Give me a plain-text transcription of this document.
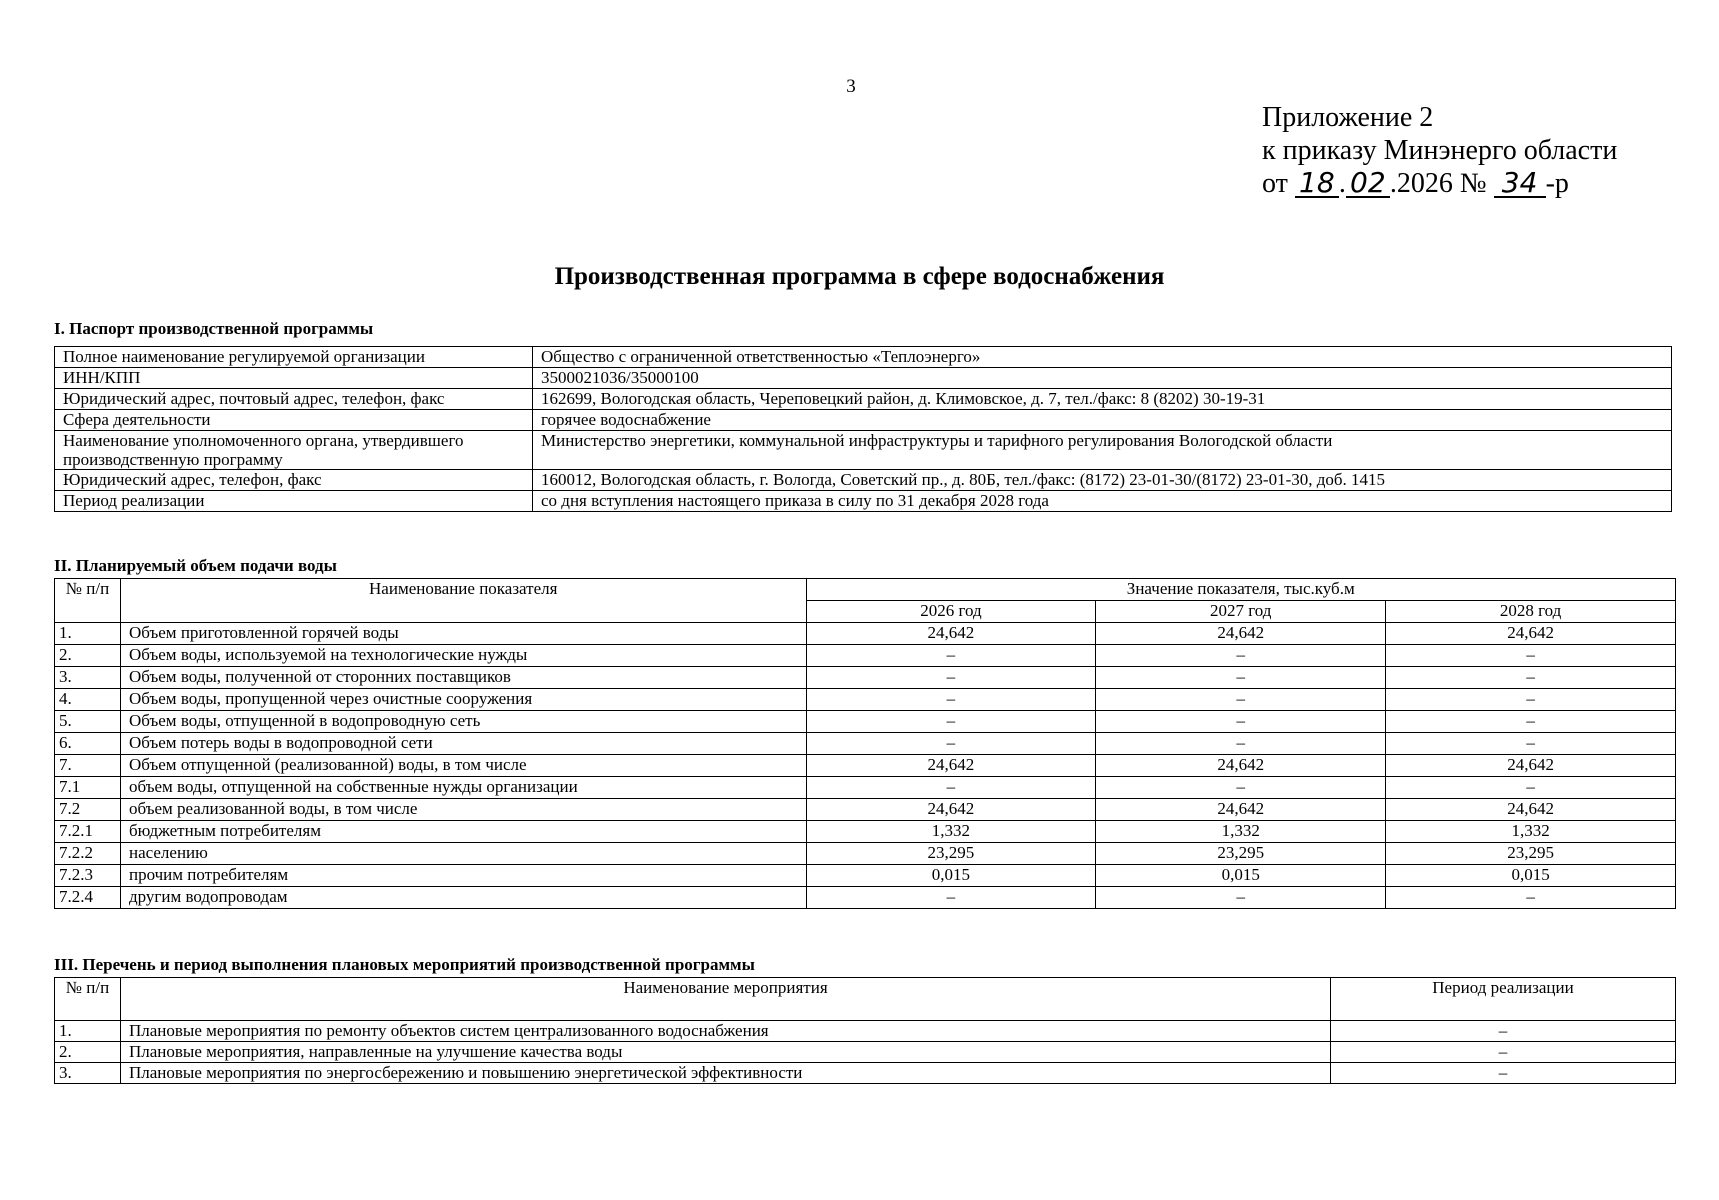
3
Приложение 2
к приказу Минэнерго области
от 18 . 02 .2026 № 34 -р
Производственная программа в сфере водоснабжения
I. Паспорт производственной программы
Полное наименование регулируемой организации	Общество с ограниченной ответственностью «Теплоэнерго»
ИНН/КПП	3500021036/35000100
Юридический адрес, почтовый адрес, телефон, факс	162699, Вологодская область, Череповецкий район, д. Климовское, д. 7, тел./факс: 8 (8202) 30-19-31
Сфера деятельности	горячее водоснабжение
Наименование уполномоченного органа, утвердившего производственную программу	Министерство энергетики, коммунальной инфраструктуры и тарифного регулирования Вологодской области
Юридический адрес, телефон, факс	160012, Вологодская область, г. Вологда, Советский пр., д. 80Б, тел./факс: (8172) 23-01-30/(8172) 23-01-30, доб. 1415
Период реализации	со дня вступления настоящего приказа в силу по 31 декабря 2028 года
II. Планируемый объем подачи воды
№ п/п	Наименование показателя	Значение показателя, тыс.куб.м		
		2026 год	2027 год	2028 год
1.	Объем приготовленной горячей воды	24,642	24,642	24,642
2.	Объем воды, используемой на технологические нужды	–	–	–
3.	Объем воды, полученной от сторонних поставщиков	–	–	–
4.	Объем воды, пропущенной через очистные сооружения	–	–	–
5.	Объем воды, отпущенной в водопроводную сеть	–	–	–
6.	Объем потерь воды в водопроводной сети	–	–	–
7.	Объем отпущенной (реализованной) воды, в том числе	24,642	24,642	24,642
7.1	объем воды, отпущенной на собственные нужды организации	–	–	–
7.2	объем реализованной воды, в том числе	24,642	24,642	24,642
7.2.1	бюджетным потребителям	1,332	1,332	1,332
7.2.2	населению	23,295	23,295	23,295
7.2.3	прочим потребителям	0,015	0,015	0,015
7.2.4	другим водопроводам	–	–	–
III. Перечень и период выполнения плановых мероприятий производственной программы
№ п/п	Наименование мероприятия	Период реализации
1.	Плановые мероприятия по ремонту объектов систем централизованного водоснабжения	–
2.	Плановые мероприятия, направленные на улучшение качества воды	–
3.	Плановые мероприятия по энергосбережению и повышению энергетической эффективности	–
